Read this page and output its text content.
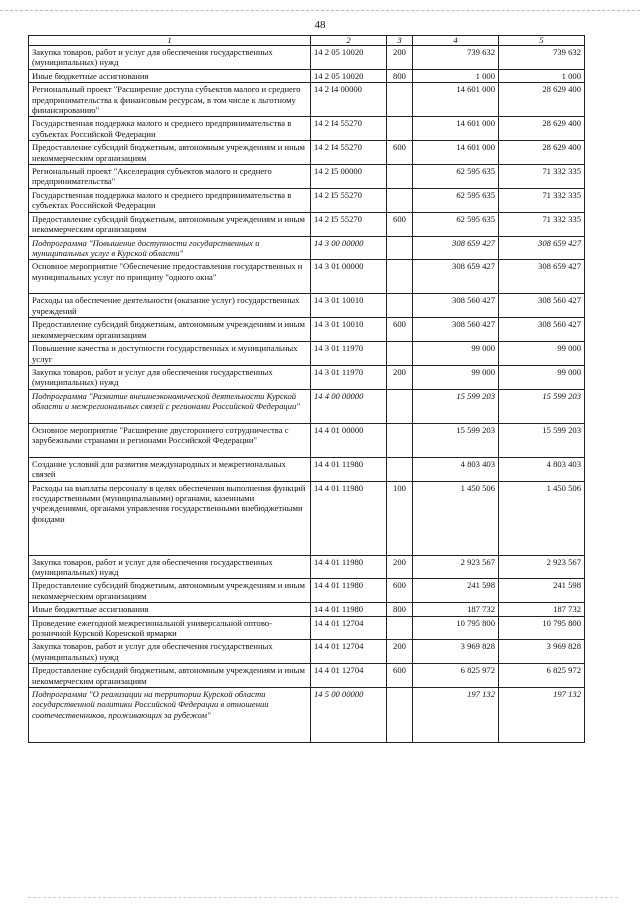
48
1	2	3	4	5
Закупка товаров, работ и услуг для обеспечения государственных (муниципальных) нужд	14 2 05 10020	200	739 632	739 632
Иные бюджетные ассигнования	14 2 05 10020	800	1 000	1 000
Региональный проект "Расширение доступа субъектов малого и среднего предпринимательства к финансовым ресурсам, в том числе к льготному финансированию"	14 2 I4 00000		14 601 000	28 629 400
Государственная поддержка малого и среднего предпринимательства в субъектах Российской Федерации	14 2 I4 55270		14 601 000	28 629 400
Предоставление субсидий бюджетным, автономным учреждениям и иным некоммерческим организациям	14 2 I4 55270	600	14 601 000	28 629 400
Региональный проект "Акселерация субъектов малого и среднего предпринимательства"	14 2 I5 00000		62 595 635	71 332 335
Государственная поддержка малого и среднего предпринимательства в субъектах Российской Федерации	14 2 I5 55270		62 595 635	71 332 335
Предоставление субсидий бюджетным, автономным учреждениям и иным некоммерческим организациям	14 2 I5 55270	600	62 595 635	71 332 335
Подпрограмма "Повышение доступности государственных и муниципальных услуг в Курской области"	14 3 00 00000		308 659 427	308 659 427
Основное мероприятие "Обеспечение предоставления государственных и муниципальных услуг по принципу "одного окна"	14 3 01 00000		308 659 427	308 659 427
Расходы на обеспечение деятельности (оказание услуг) государственных учреждений	14 3 01 10010		308 560 427	308 560 427
Предоставление субсидий бюджетным, автономным учреждениям и иным некоммерческим организациям	14 3 01 10010	600	308 560 427	308 560 427
Повышение качества и доступности государственных и муниципальных услуг	14 3 01 11970		99 000	99 000
Закупка товаров, работ и услуг для обеспечения государственных (муниципальных) нужд	14 3 01 11970	200	99 000	99 000
Подпрограмма "Развитие внешнеэкономической деятельности Курской области и межрегиональных связей с регионами Российской Федерации"	14 4 00 00000		15 599 203	15 599 203
Основное мероприятие "Расширение двустороннего сотрудничества с зарубежными странами и регионами Российской Федерации"	14 4 01 00000		15 599 203	15 599 203
Создание условий для развития международных и межрегиональных связей	14 4 01 11980		4 803 403	4 803 403
Расходы на выплаты персоналу в целях обеспечения выполнения функций государственными (муниципальными) органами, казенными учреждениями, органами управления государственными внебюджетными фондами	14 4 01 11980	100	1 450 506	1 450 506
Закупка товаров, работ и услуг для обеспечения государственных (муниципальных) нужд	14 4 01 11980	200	2 923 567	2 923 567
Предоставление субсидий бюджетным, автономным учреждениям и иным некоммерческим организациям	14 4 01 11980	600	241 598	241 598
Иные бюджетные ассигнования	14 4 01 11980	800	187 732	187 732
Проведение ежегодной межрегиональной универсальной оптово-розничной Курской Коренской ярмарки	14 4 01 12704		10 795 800	10 795 800
Закупка товаров, работ и услуг для обеспечения государственных (муниципальных) нужд	14 4 01 12704	200	3 969 828	3 969 828
Предоставление субсидий бюджетным, автономным учреждениям и иным некоммерческим организациям	14 4 01 12704	600	6 825 972	6 825 972
Подпрограмма "О реализации на территории Курской области государственной политики Российской Федерации в отношении соотечественников, проживающих за рубежом"	14 5 00 00000		197 132	197 132
